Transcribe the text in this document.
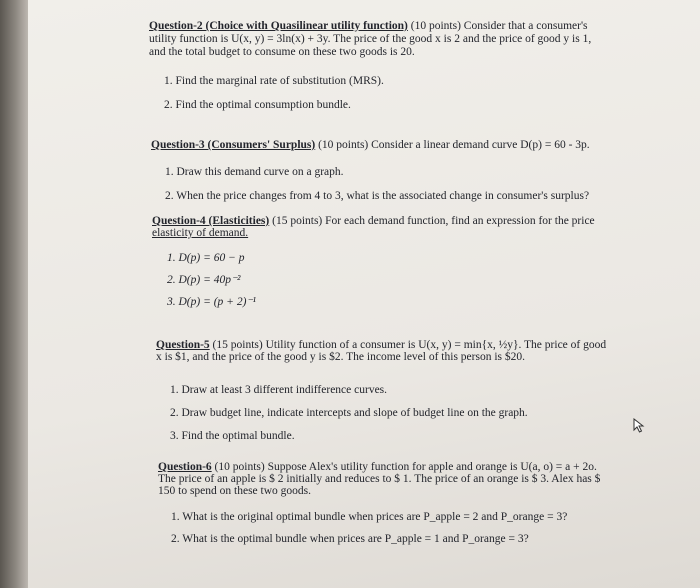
Question-2 (Choice with Quasilinear utility function) (10 points) Consider that a consumer's
utility function is U(x, y) = 3ln(x) + 3y. The price of the good x is 2 and the price of good y is 1,
and the total budget to consume on these two goods is 20.
1. Find the marginal rate of substitution (MRS).
2. Find the optimal consumption bundle.
Question-3 (Consumers' Surplus) (10 points) Consider a linear demand curve D(p) = 60 - 3p.
1. Draw this demand curve on a graph.
2. When the price changes from 4 to 3, what is the associated change in consumer's surplus?
Question-4 (Elasticities) (15 points) For each demand function, find an expression for the price
elasticity of demand.
1. D(p) = 60 − p
2. D(p) = 40p⁻²
3. D(p) = (p + 2)⁻¹
Question-5 (15 points) Utility function of a consumer is U(x, y) = min{x, ½y}. The price of good
x is $1, and the price of the good y is $2. The income level of this person is $20.
1. Draw at least 3 different indifference curves.
2. Draw budget line, indicate intercepts and slope of budget line on the graph.
3. Find the optimal bundle.
Question-6 (10 points) Suppose Alex's utility function for apple and orange is U(a, o) = a + 2o.
The price of an apple is $ 2 initially and reduces to $ 1. The price of an orange is $ 3. Alex has $
150 to spend on these two goods.
1. What is the original optimal bundle when prices are P_apple = 2 and P_orange = 3?
2. What is the optimal bundle when prices are P_apple = 1 and P_orange = 3?
